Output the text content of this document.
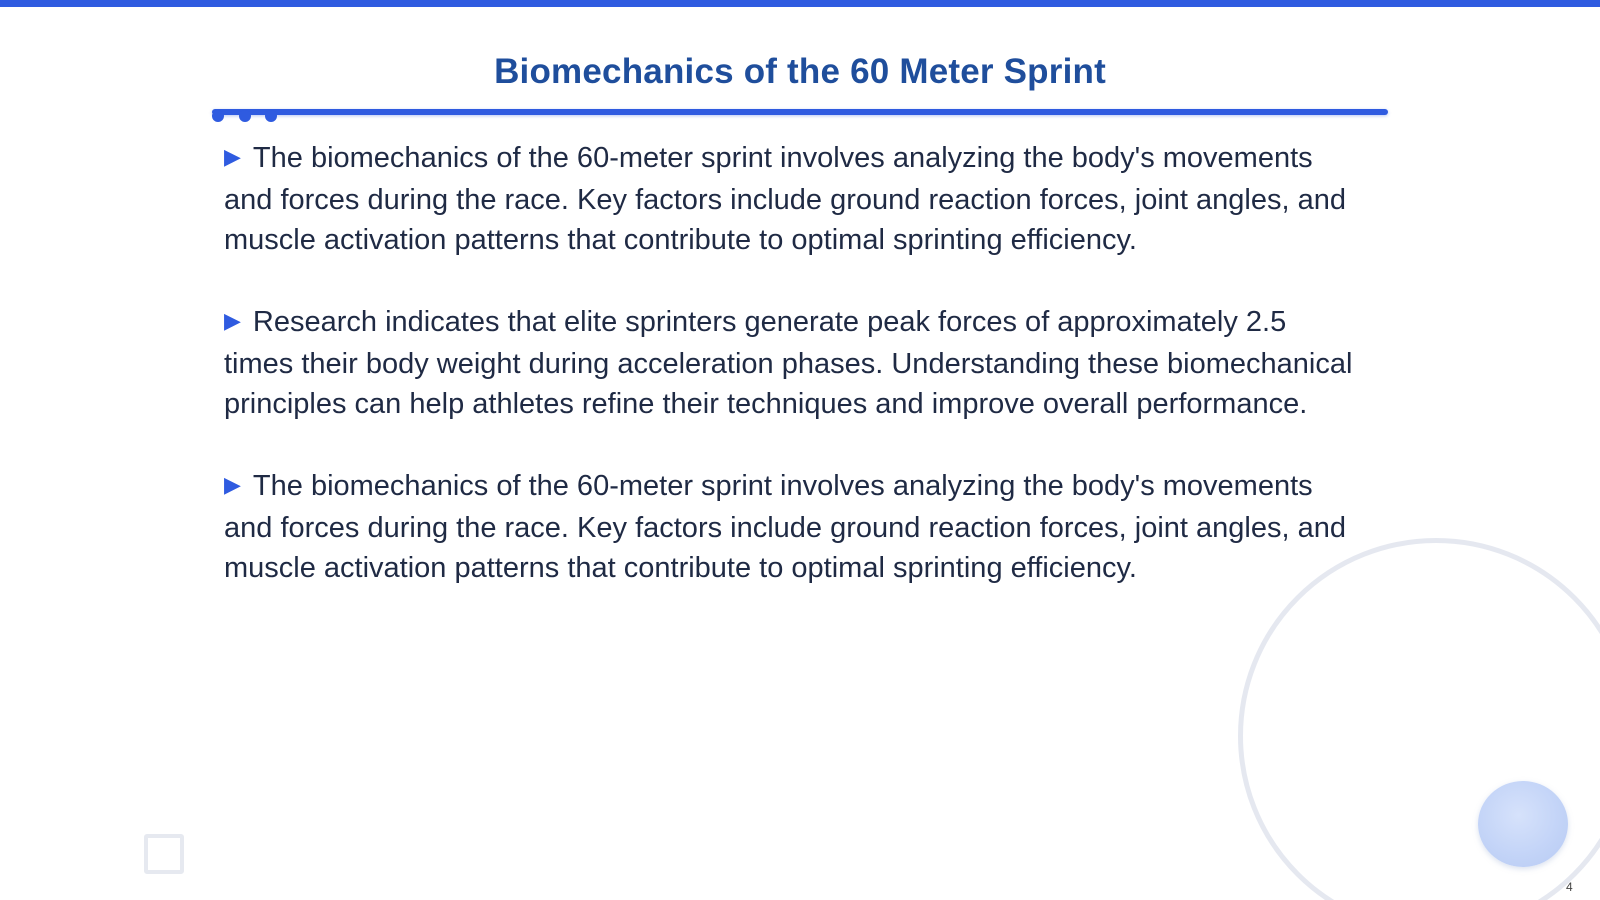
Biomechanics of the 60 Meter Sprint

▶ The biomechanics of the 60-meter sprint involves analyzing the body's movements and forces during the race. Key factors include ground reaction forces, joint angles, and muscle activation patterns that contribute to optimal sprinting efficiency.

▶ Research indicates that elite sprinters generate peak forces of approximately 2.5 times their body weight during acceleration phases. Understanding these biomechanical principles can help athletes refine their techniques and improve overall performance.

▶ The biomechanics of the 60-meter sprint involves analyzing the body's movements and forces during the race. Key factors include ground reaction forces, joint angles, and muscle activation patterns that contribute to optimal sprinting efficiency.

4
